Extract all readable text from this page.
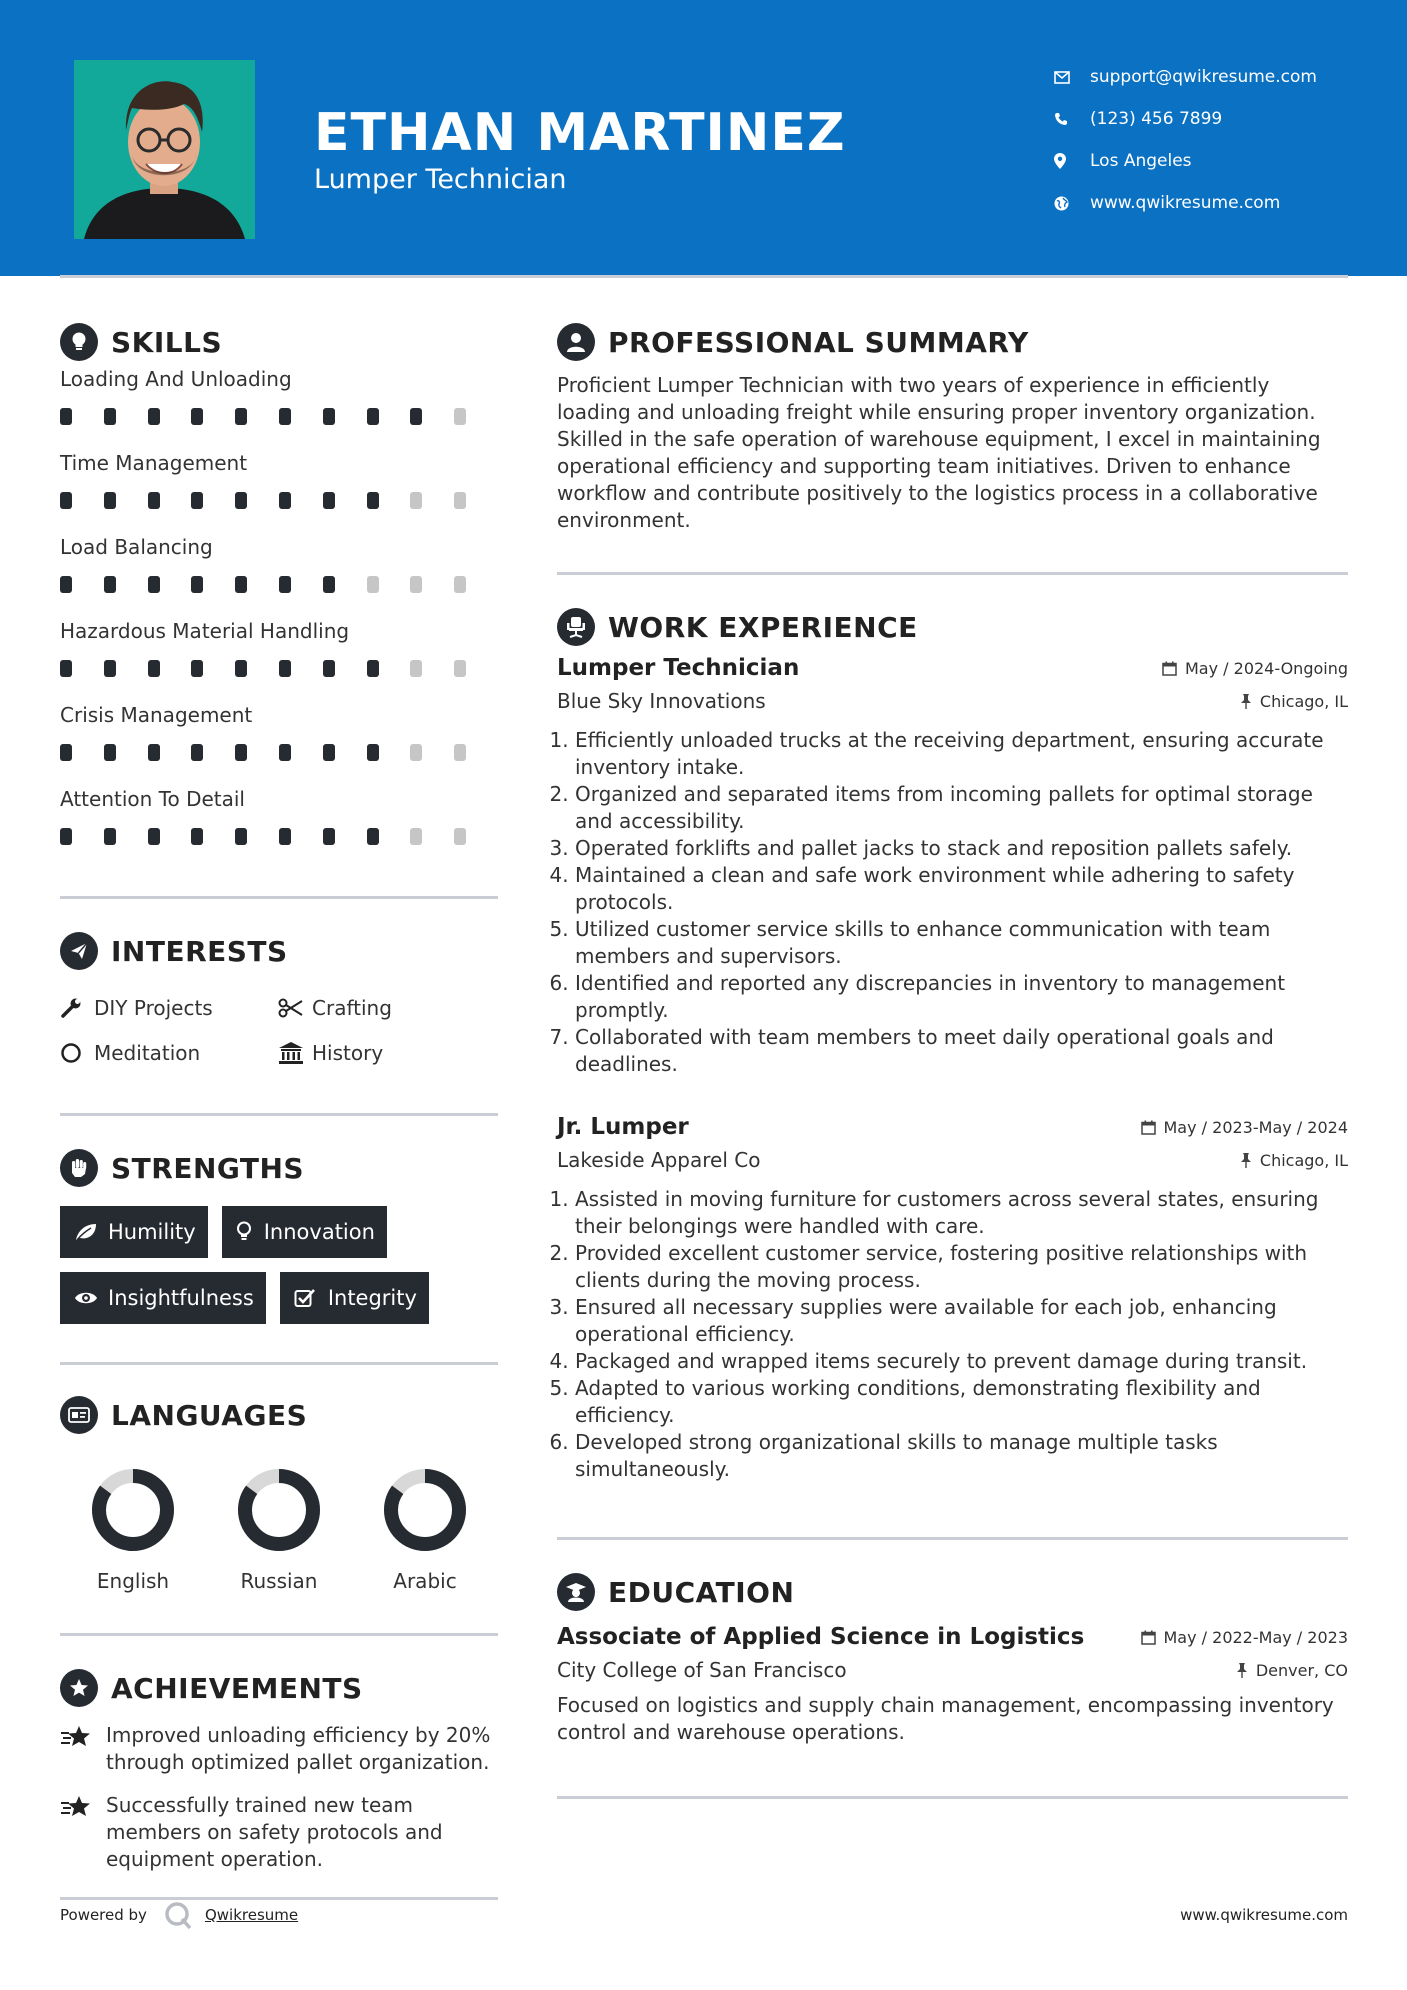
ETHAN MARTINEZ
Lumper Technician
support@qwikresume.com
(123) 456 7899
Los Angeles
www.qwikresume.com
SKILLS
Loading And Unloading
Time Management
Load Balancing
Hazardous Material Handling
Crisis Management
Attention To Detail
INTERESTS
DIY Projects	Crafting
Meditation	History
STRENGTHS
Humility	Innovation
Insightfulness	Integrity
LANGUAGES
English	Russian	Arabic
ACHIEVEMENTS
Improved unloading efficiency by 20% through optimized pallet organization.
Successfully trained new team members on safety protocols and equipment operation.
PROFESSIONAL SUMMARY

Proficient Lumper Technician with two years of experience in efficiently loading and unloading freight while ensuring proper inventory organization. Skilled in the safe operation of warehouse equipment, I excel in maintaining operational efficiency and supporting team initiatives. Driven to enhance workflow and contribute positively to the logistics process in a collaborative environment.

WORK EXPERIENCE
Lumper Technician	May / 2024-Ongoing
Blue Sky Innovations	Chicago, IL
1. Efficiently unloaded trucks at the receiving department, ensuring accurate inventory intake.
2. Organized and separated items from incoming pallets for optimal storage and accessibility.
3. Operated forklifts and pallet jacks to stack and reposition pallets safely.
4. Maintained a clean and safe work environment while adhering to safety protocols.
5. Utilized customer service skills to enhance communication with team members and supervisors.
6. Identified and reported any discrepancies in inventory to management promptly.
7. Collaborated with team members to meet daily operational goals and deadlines.
Jr. Lumper	May / 2023-May / 2024
Lakeside Apparel Co	Chicago, IL
1. Assisted in moving furniture for customers across several states, ensuring their belongings were handled with care.
2. Provided excellent customer service, fostering positive relationships with clients during the moving process.
3. Ensured all necessary supplies were available for each job, enhancing operational efficiency.
4. Packaged and wrapped items securely to prevent damage during transit.
5. Adapted to various working conditions, demonstrating flexibility and efficiency.
6. Developed strong organizational skills to manage multiple tasks simultaneously.
EDUCATION
Associate of Applied Science in Logistics	May / 2022-May / 2023
City College of San Francisco	Denver, CO

Focused on logistics and supply chain management, encompassing inventory control and warehouse operations.

Powered by	Qwikresume	www.qwikresume.com
